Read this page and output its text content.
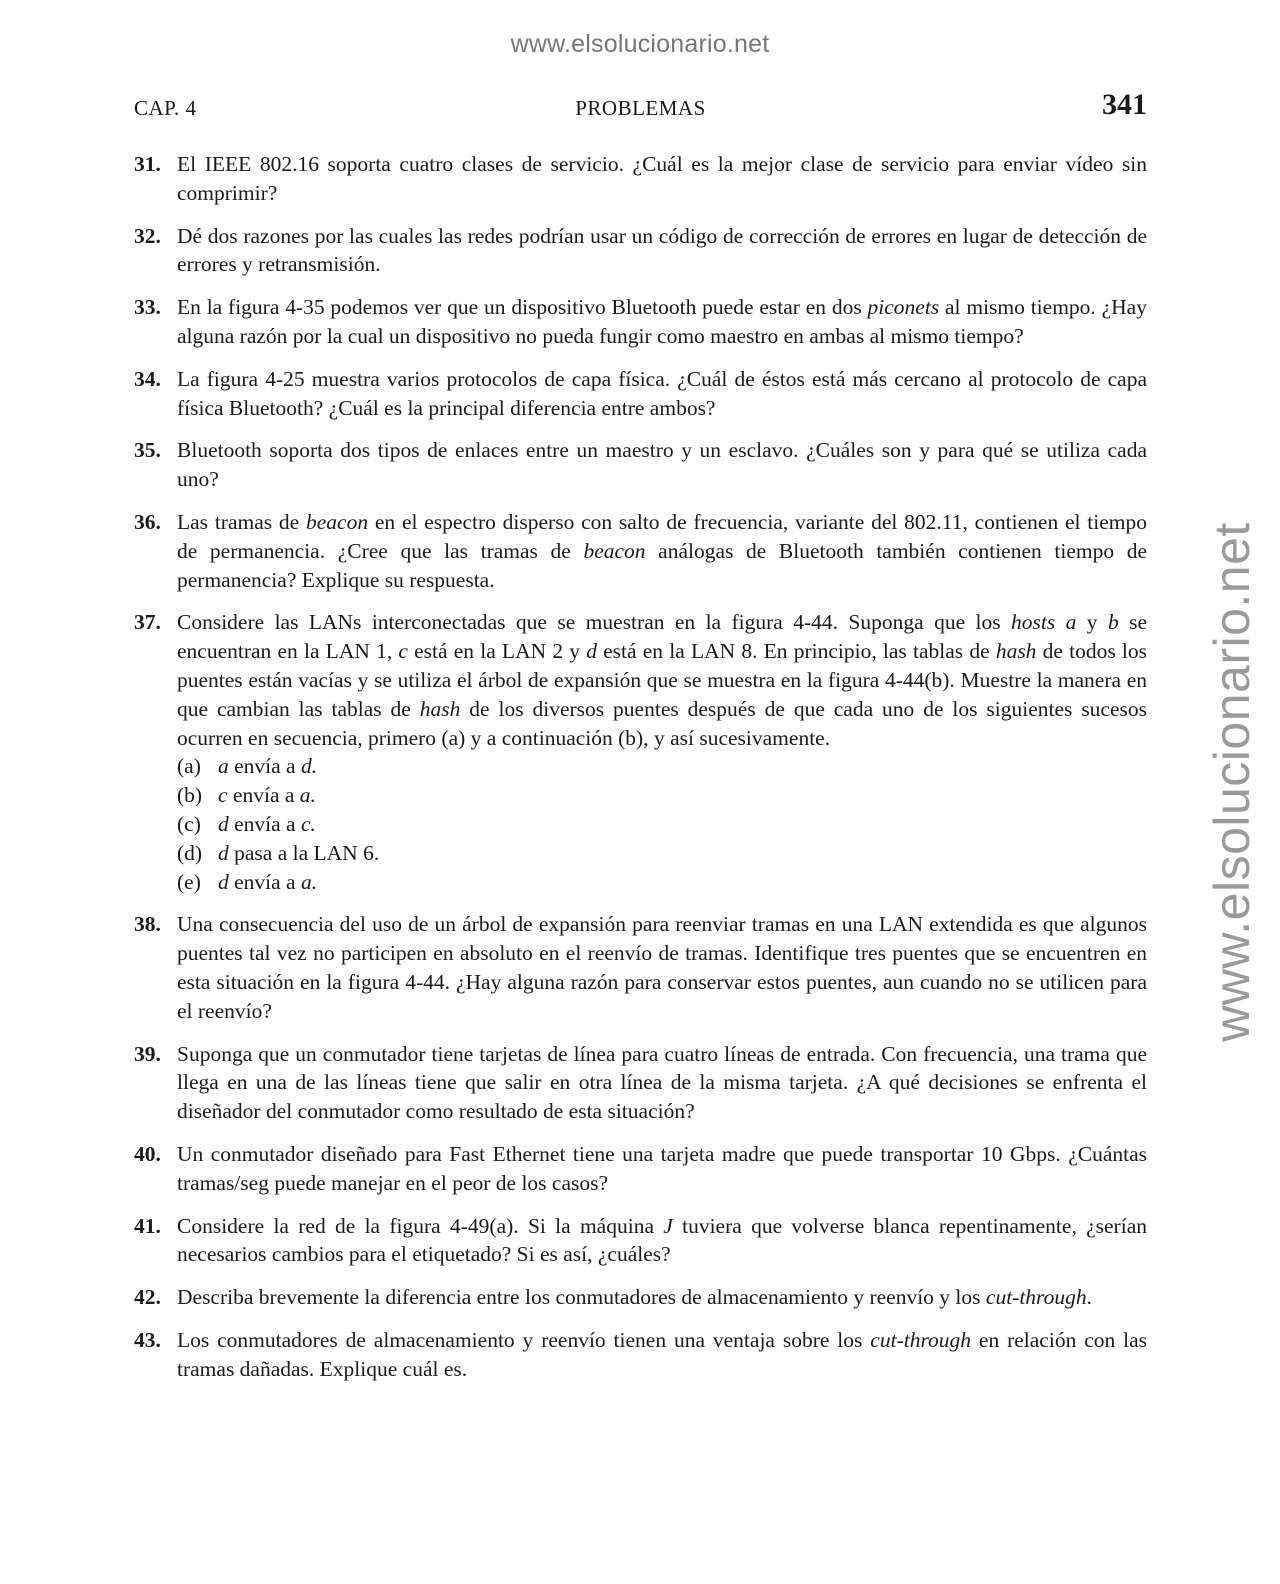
www.elsolucionario.net
www.elsolucionario.net
CAP. 4	PROBLEMAS	341
31. El IEEE 802.16 soporta cuatro clases de servicio. ¿Cuál es la mejor clase de servicio para enviar vídeo sin comprimir?
32. Dé dos razones por las cuales las redes podrían usar un código de corrección de errores en lugar de detección de errores y retransmisión.
33. En la figura 4-35 podemos ver que un dispositivo Bluetooth puede estar en dos piconets al mismo tiempo. ¿Hay alguna razón por la cual un dispositivo no pueda fungir como maestro en ambas al mismo tiempo?
34. La figura 4-25 muestra varios protocolos de capa física. ¿Cuál de éstos está más cercano al protocolo de capa física Bluetooth? ¿Cuál es la principal diferencia entre ambos?
35. Bluetooth soporta dos tipos de enlaces entre un maestro y un esclavo. ¿Cuáles son y para qué se utiliza cada uno?
36. Las tramas de beacon en el espectro disperso con salto de frecuencia, variante del 802.11, contienen el tiempo de permanencia. ¿Cree que las tramas de beacon análogas de Bluetooth también contienen tiempo de permanencia? Explique su respuesta.
37. Considere las LANs interconectadas que se muestran en la figura 4-44. Suponga que los hosts a y b se encuentran en la LAN 1, c está en la LAN 2 y d está en la LAN 8. En principio, las tablas de hash de todos los puentes están vacías y se utiliza el árbol de expansión que se muestra en la figura 4-44(b). Muestre la manera en que cambian las tablas de hash de los diversos puentes después de que cada uno de los siguientes sucesos ocurren en secuencia, primero (a) y a continuación (b), y así sucesivamente.
(a) a envía a d.
(b) c envía a a.
(c) d envía a c.
(d) d pasa a la LAN 6.
(e) d envía a a.
38. Una consecuencia del uso de un árbol de expansión para reenviar tramas en una LAN extendida es que algunos puentes tal vez no participen en absoluto en el reenvío de tramas. Identifique tres puentes que se encuentren en esta situación en la figura 4-44. ¿Hay alguna razón para conservar estos puentes, aun cuando no se utilicen para el reenvío?
39. Suponga que un conmutador tiene tarjetas de línea para cuatro líneas de entrada. Con frecuencia, una trama que llega en una de las líneas tiene que salir en otra línea de la misma tarjeta. ¿A qué decisiones se enfrenta el diseñador del conmutador como resultado de esta situación?
40. Un conmutador diseñado para Fast Ethernet tiene una tarjeta madre que puede transportar 10 Gbps. ¿Cuántas tramas/seg puede manejar en el peor de los casos?
41. Considere la red de la figura 4-49(a). Si la máquina J tuviera que volverse blanca repentinamente, ¿serían necesarios cambios para el etiquetado? Si es así, ¿cuáles?
42. Describa brevemente la diferencia entre los conmutadores de almacenamiento y reenvío y los cut-through.
43. Los conmutadores de almacenamiento y reenvío tienen una ventaja sobre los cut-through en relación con las tramas dañadas. Explique cuál es.
